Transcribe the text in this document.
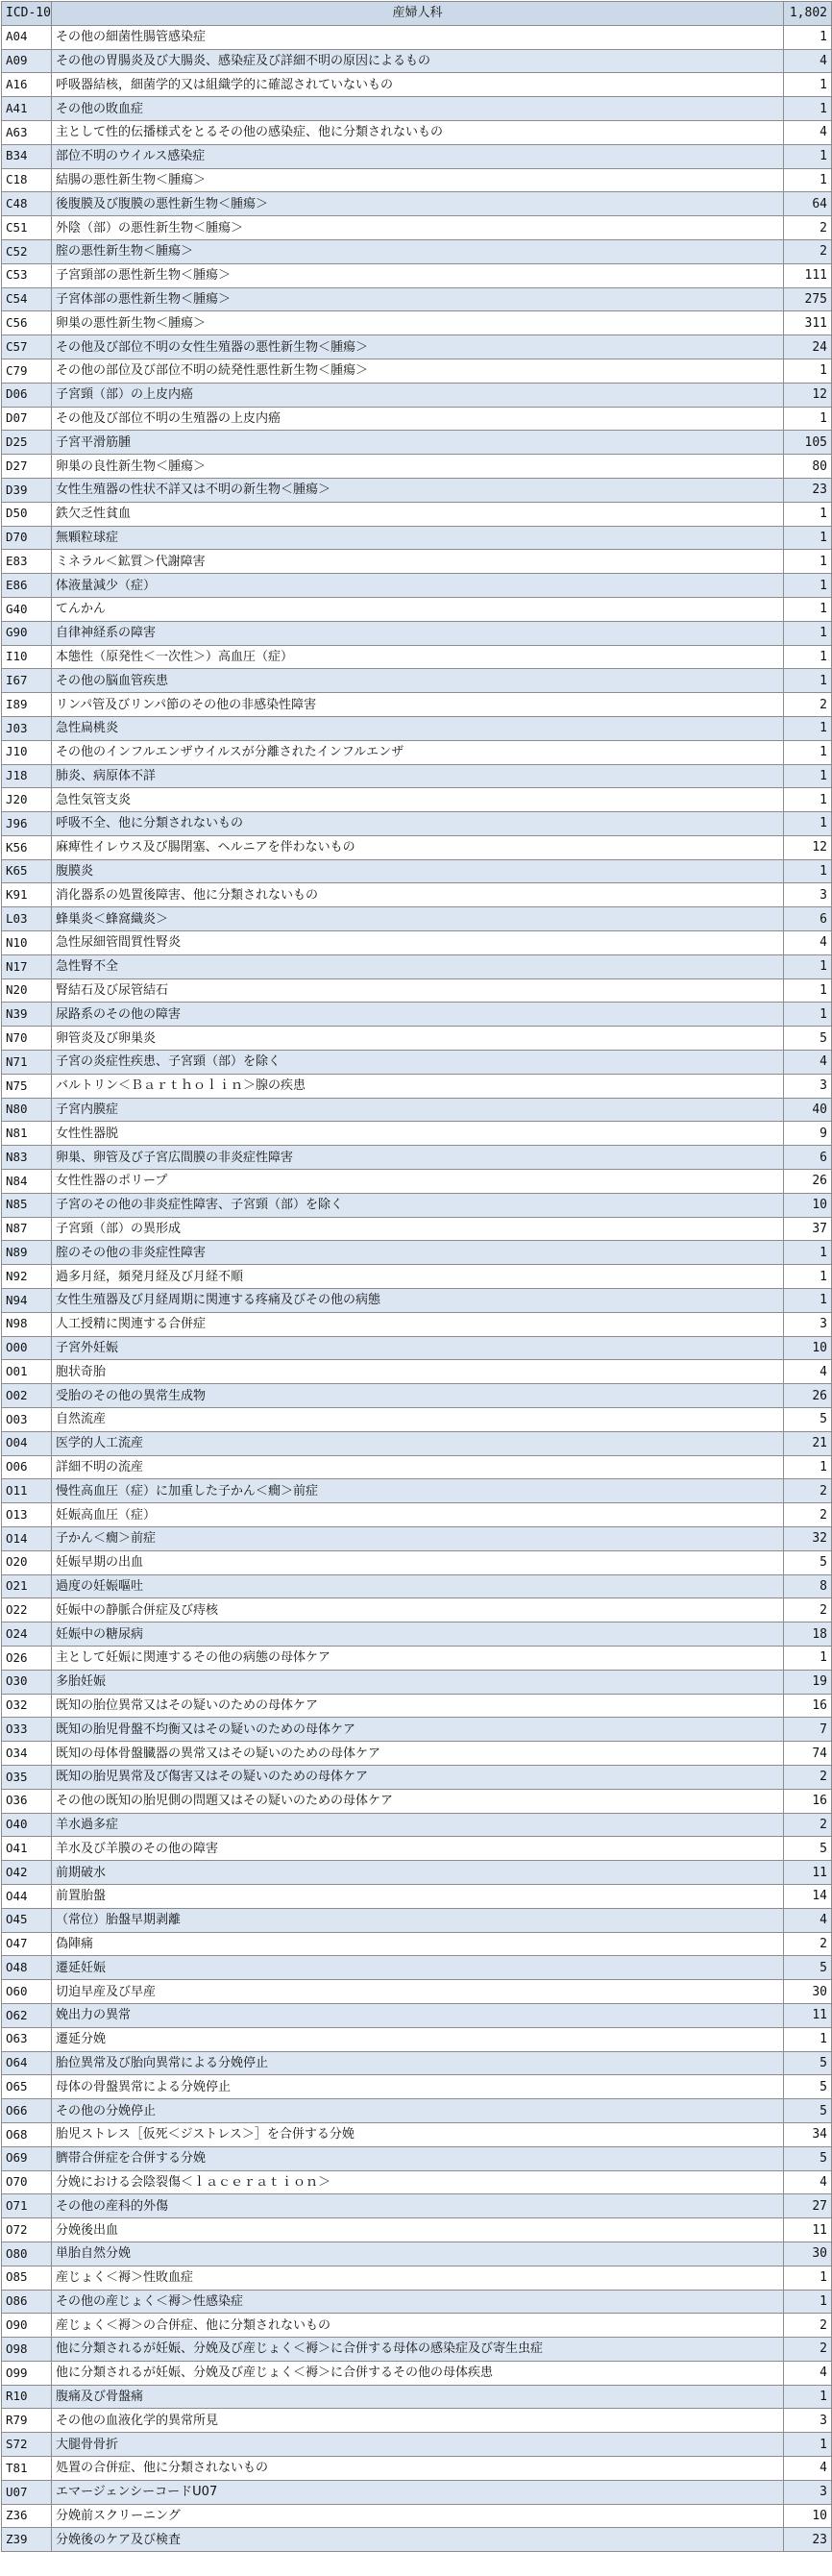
ICD-10	産婦人科	1,802
A04	その他の細菌性腸管感染症	1
A09	その他の胃腸炎及び大腸炎、感染症及び詳細不明の原因によるもの	4
A16	呼吸器結核，細菌学的又は組織学的に確認されていないもの	1
A41	その他の敗血症	1
A63	主として性的伝播様式をとるその他の感染症、他に分類されないもの	4
B34	部位不明のウイルス感染症	1
C18	結腸の悪性新生物＜腫瘍＞	1
C48	後腹膜及び腹膜の悪性新生物＜腫瘍＞	64
C51	外陰（部）の悪性新生物＜腫瘍＞	2
C52	腟の悪性新生物＜腫瘍＞	2
C53	子宮頸部の悪性新生物＜腫瘍＞	111
C54	子宮体部の悪性新生物＜腫瘍＞	275
C56	卵巣の悪性新生物＜腫瘍＞	311
C57	その他及び部位不明の女性生殖器の悪性新生物＜腫瘍＞	24
C79	その他の部位及び部位不明の続発性悪性新生物＜腫瘍＞	1
D06	子宮頸（部）の上皮内癌	12
D07	その他及び部位不明の生殖器の上皮内癌	1
D25	子宮平滑筋腫	105
D27	卵巣の良性新生物＜腫瘍＞	80
D39	女性生殖器の性状不詳又は不明の新生物＜腫瘍＞	23
D50	鉄欠乏性貧血	1
D70	無顆粒球症	1
E83	ミネラル＜鉱質＞代謝障害	1
E86	体液量減少（症）	1
G40	てんかん	1
G90	自律神経系の障害	1
I10	本態性（原発性＜一次性＞）高血圧（症）	1
I67	その他の脳血管疾患	1
I89	リンパ管及びリンパ節のその他の非感染性障害	2
J03	急性扁桃炎	1
J10	その他のインフルエンザウイルスが分離されたインフルエンザ	1
J18	肺炎、病原体不詳	1
J20	急性気管支炎	1
J96	呼吸不全、他に分類されないもの	1
K56	麻痺性イレウス及び腸閉塞、ヘルニアを伴わないもの	12
K65	腹膜炎	1
K91	消化器系の処置後障害、他に分類されないもの	3
L03	蜂巣炎＜蜂窩織炎＞	6
N10	急性尿細管間質性腎炎	4
N17	急性腎不全	1
N20	腎結石及び尿管結石	1
N39	尿路系のその他の障害	1
N70	卵管炎及び卵巣炎	5
N71	子宮の炎症性疾患、子宮頸（部）を除く	4
N75	バルトリン＜Ｂａｒｔｈｏｌｉｎ＞腺の疾患	3
N80	子宮内膜症	40
N81	女性性器脱	9
N83	卵巣、卵管及び子宮広間膜の非炎症性障害	6
N84	女性性器のポリープ	26
N85	子宮のその他の非炎症性障害、子宮頸（部）を除く	10
N87	子宮頸（部）の異形成	37
N89	腟のその他の非炎症性障害	1
N92	過多月経，頻発月経及び月経不順	1
N94	女性生殖器及び月経周期に関連する疼痛及びその他の病態	1
N98	人工授精に関連する合併症	3
O00	子宮外妊娠	10
O01	胞状奇胎	4
O02	受胎のその他の異常生成物	26
O03	自然流産	5
O04	医学的人工流産	21
O06	詳細不明の流産	1
O11	慢性高血圧（症）に加重した子かん＜癇＞前症	2
O13	妊娠高血圧（症）	2
O14	子かん＜癇＞前症	32
O20	妊娠早期の出血	5
O21	過度の妊娠嘔吐	8
O22	妊娠中の静脈合併症及び痔核	2
O24	妊娠中の糖尿病	18
O26	主として妊娠に関連するその他の病態の母体ケア	1
O30	多胎妊娠	19
O32	既知の胎位異常又はその疑いのための母体ケア	16
O33	既知の胎児骨盤不均衡又はその疑いのための母体ケア	7
O34	既知の母体骨盤臓器の異常又はその疑いのための母体ケア	74
O35	既知の胎児異常及び傷害又はその疑いのための母体ケア	2
O36	その他の既知の胎児側の問題又はその疑いのための母体ケア	16
O40	羊水過多症	2
O41	羊水及び羊膜のその他の障害	5
O42	前期破水	11
O44	前置胎盤	14
O45	（常位）胎盤早期剥離	4
O47	偽陣痛	2
O48	遷延妊娠	5
O60	切迫早産及び早産	30
O62	娩出力の異常	11
O63	遷延分娩	1
O64	胎位異常及び胎向異常による分娩停止	5
O65	母体の骨盤異常による分娩停止	5
O66	その他の分娩停止	5
O68	胎児ストレス［仮死＜ジストレス＞］を合併する分娩	34
O69	臍帯合併症を合併する分娩	5
O70	分娩における会陰裂傷＜ｌａｃｅｒａｔｉｏｎ＞	4
O71	その他の産科的外傷	27
O72	分娩後出血	11
O80	単胎自然分娩	30
O85	産じょく＜褥＞性敗血症	1
O86	その他の産じょく＜褥＞性感染症	1
O90	産じょく＜褥＞の合併症、他に分類されないもの	2
O98	他に分類されるが妊娠、分娩及び産じょく＜褥＞に合併する母体の感染症及び寄生虫症	2
O99	他に分類されるが妊娠、分娩及び産じょく＜褥＞に合併するその他の母体疾患	4
R10	腹痛及び骨盤痛	1
R79	その他の血液化学的異常所見	3
S72	大腿骨骨折	1
T81	処置の合併症、他に分類されないもの	4
U07	エマージェンシーコードU07	3
Z36	分娩前スクリーニング	10
Z39	分娩後のケア及び検査	23
